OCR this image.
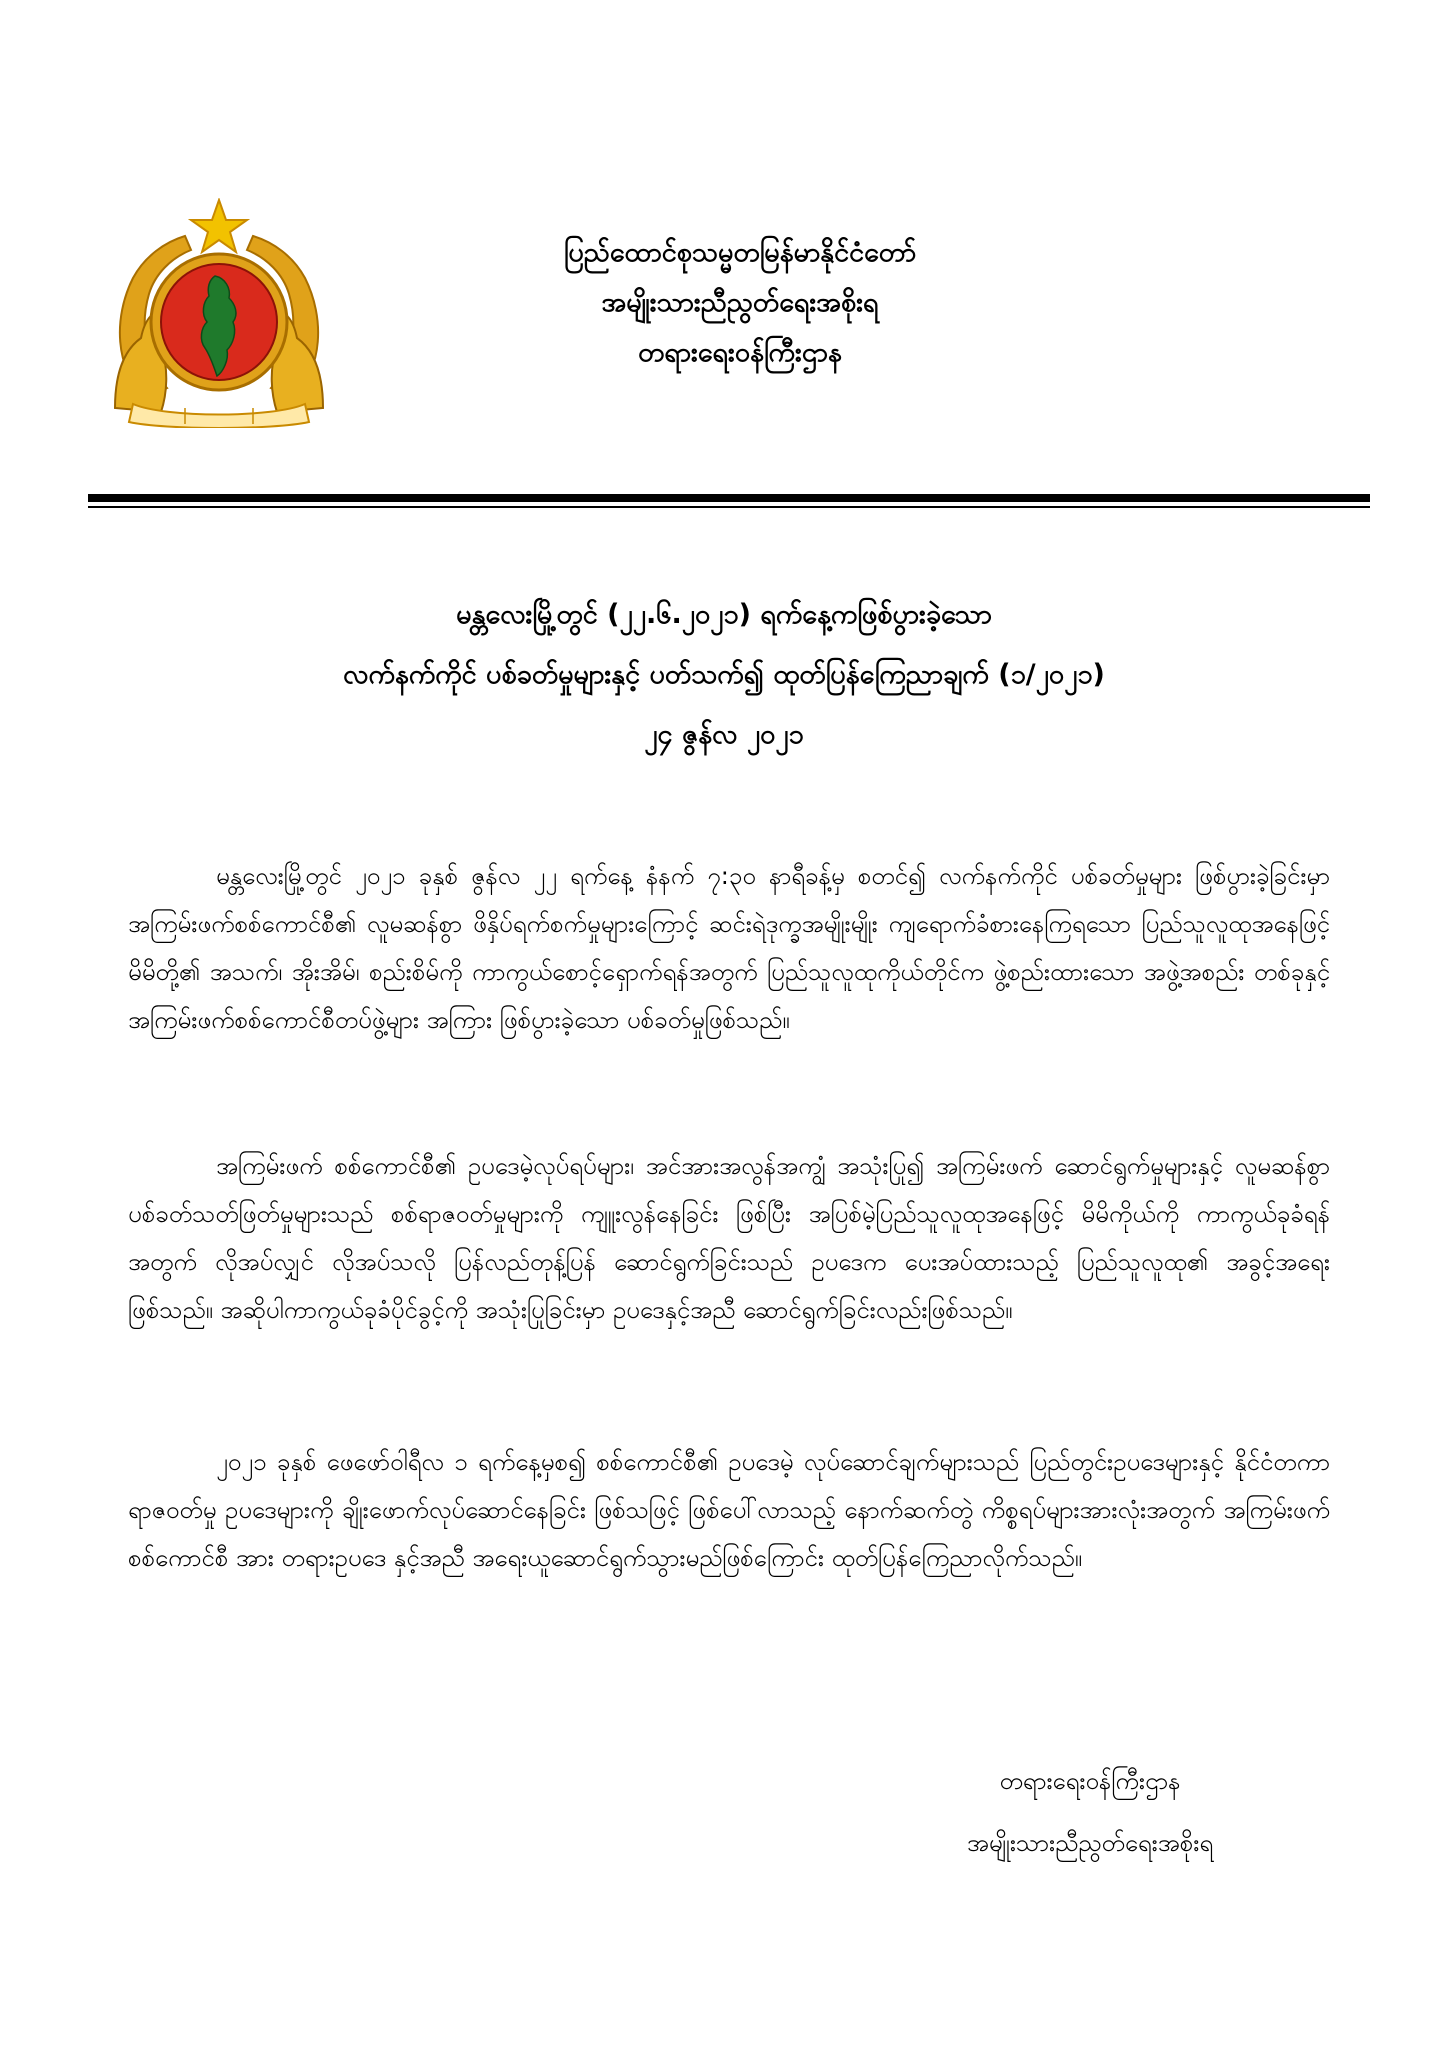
ပြည်ထောင်စုသမ္မတမြန်မာနိုင်ငံတော်
အမျိုးသားညီညွတ်ရေးအစိုးရ
တရားရေးဝန်ကြီးဌာန
မန္တလေးမြို့တွင် (၂၂.၆.၂၀၂၁) ရက်နေ့ကဖြစ်ပွားခဲ့သော
လက်နက်ကိုင် ပစ်ခတ်မှုများနှင့် ပတ်သက်၍ ထုတ်ပြန်ကြေညာချက် (၁/၂၀၂၁)
၂၄ ဇွန်လ ၂၀၂၁
မန္တလေးမြို့တွင် ၂၀၂၁ ခုနှစ် ဇွန်လ ၂၂ ရက်နေ့ နံနက် ၇:၃၀ နာရီခန့်မှ စတင်၍ လက်နက်ကိုင် ပစ်ခတ်မှုများ ဖြစ်ပွားခဲ့ခြင်းမှာ အကြမ်းဖက်စစ်ကောင်စီ၏ လူမဆန်စွာ ဖိနှိပ်ရက်စက်မှုများကြောင့် ဆင်းရဲဒုက္ခအမျိုးမျိုး ကျရောက်ခံစားနေကြရသော ပြည်သူလူထုအနေဖြင့် မိမိတို့၏ အသက်၊ အိုးအိမ်၊ စည်းစိမ်ကို ကာကွယ်စောင့်ရှောက်ရန်အတွက် ပြည်သူလူထုကိုယ်တိုင်က ဖွဲ့စည်းထားသော အဖွဲ့အစည်း တစ်ခုနှင့် အကြမ်းဖက်စစ်ကောင်စီတပ်ဖွဲ့များ အကြား ဖြစ်ပွားခဲ့သော ပစ်ခတ်မှုဖြစ်သည်။
အကြမ်းဖက် စစ်ကောင်စီ၏ ဥပဒေမဲ့လုပ်ရပ်များ၊ အင်အားအလွန်အကျွံ အသုံးပြု၍ အကြမ်းဖက် ဆောင်ရွက်မှုများနှင့် လူမဆန်စွာ ပစ်ခတ်သတ်ဖြတ်မှုများသည် စစ်ရာဇဝတ်မှုများကို ကျူးလွန်နေခြင်း ဖြစ်ပြီး အပြစ်မဲ့ပြည်သူလူထုအနေဖြင့် မိမိကိုယ်ကို ကာကွယ်ခုခံရန်အတွက် လိုအပ်လျှင် လိုအပ်သလို ပြန်လည်တုန့်ပြန် ဆောင်ရွက်ခြင်းသည် ဥပဒေက ပေးအပ်ထားသည့် ပြည်သူလူထု၏ အခွင့်အရေး ဖြစ်သည်။ အဆိုပါကာကွယ်ခုခံပိုင်ခွင့်ကို အသုံးပြုခြင်းမှာ ဥပဒေနှင့်အညီ ဆောင်ရွက်ခြင်းလည်းဖြစ်သည်။
၂၀၂၁ ခုနှစ် ဖေဖော်ဝါရီလ ၁ ရက်နေ့မှစ၍ စစ်ကောင်စီ၏ ဥပဒေမဲ့ လုပ်ဆောင်ချက်များသည် ပြည်တွင်းဥပဒေများနှင့် နိုင်ငံတကာရာဇဝတ်မှု ဥပဒေများကို ချိုးဖောက်လုပ်ဆောင်နေခြင်း ဖြစ်သဖြင့် ဖြစ်ပေါ်လာသည့် နောက်ဆက်တွဲ ကိစ္စရပ်များအားလုံးအတွက် အကြမ်းဖက်စစ်ကောင်စီ အား တရားဥပဒေ နှင့်အညီ အရေးယူဆောင်ရွက်သွားမည်ဖြစ်ကြောင်း ထုတ်ပြန်ကြေညာလိုက်သည်။
တရားရေးဝန်ကြီးဌာန
အမျိုးသားညီညွတ်ရေးအစိုးရ
